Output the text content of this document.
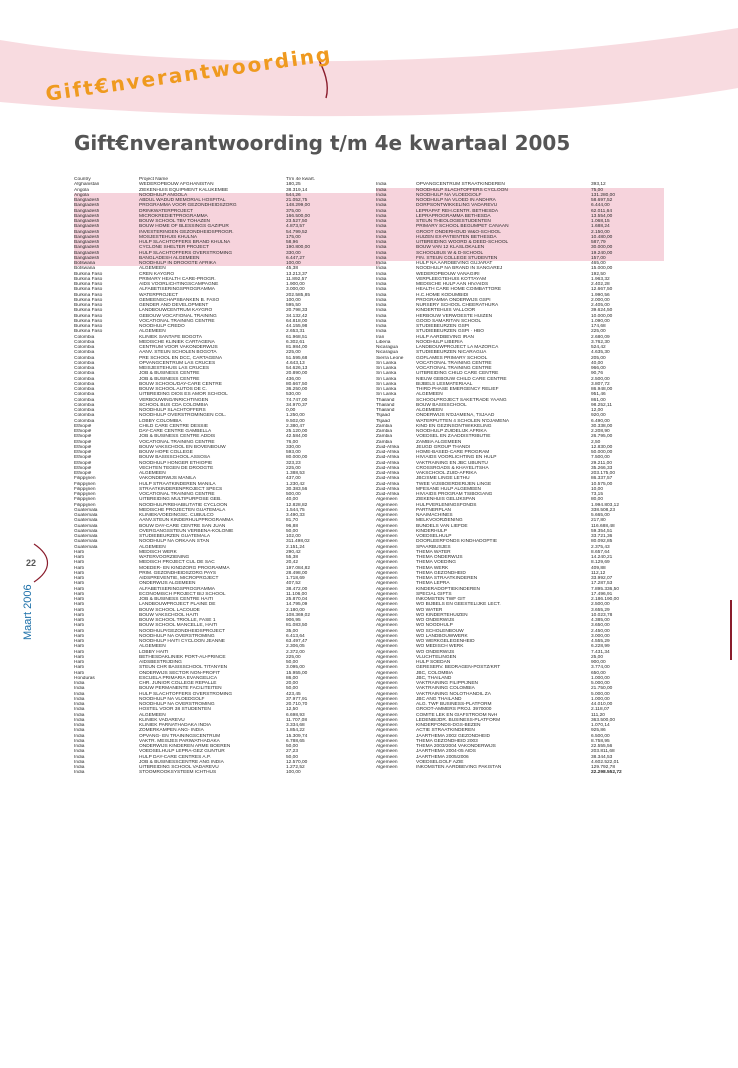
Gift€nverantwoording
Gift€nverantwoording t/m 4e kwartaal 2005
22
Maart 2006
Country	Project Name	T/m 4e kwart.
Afghanistan	WEDEROPBOUW AFGHANISTAN	180,25
Angola	ZIEKENHUIS EQUIPMENT KALUKEMBE	38.319,14
Angola	NOODHULP ANGOLA	544,26
Bangladesh	ABDUL WADUD MEMORIAL HOSPITAL	21.052,75
Bangladesh	PROGRAMMA VOOR GEZONDHEIDSZORG	148.299,00
Bangladesh	DRINKWATERPROJECT	375,00
Bangladesh	MICROKREDIETPROGRAMMA	166.500,00
Bangladesh	BOUW SCHOOL TBV TOHAZEN	23.527,50
Bangladesh	BOUW HOME OF BLESSINGS GAZIPUR	4.873,57
Bangladesh	INVESTERINGEN GEZONDHEIDSPROGR.	54.799,52
Bangladesh	MOSJESTEHUIS KHULNA	175,00
Bangladesh	HULP SLACHTOFFERS BRAND KHULNA	58,96
Bangladesh	CYCLONE SHELTER PROJECT	190.800,00
Bangladesh	HULP SLACHTOFFERS OVERSTROMING	330,00
Bangladesh	BANGLADESH ALGEMEEN	6.447,27
Botswana	NOODHULP IN DROOGTE AFRIKA	100,00
Botswana	ALGEMEEN	45,38
Burkina Faso	CREN KAYGRO	13.213,37
Burkina Faso	PRIMARY HEALTH CARE-PROGR.	11.892,57
Burkina Faso	AIDS VOORLICHTINGSCAMPAGNE	1.900,00
Burkina Faso	ALFABETISERINGSPROGRAMMA	3.000,00
Burkina Faso	WATERPROJECT	202.585,85
Burkina Faso	GEMEENSCHAPSBANKEN B. FASO	100,00
Burkina Faso	GENDER AND DEVELOPMENT	595,50
Burkina Faso	LANDBOUWCENTRUM KAYGRO	20.798,33
Burkina Faso	GEBOUW VOCATIONAL TRAINING	34.132,42
Burkina Faso	VOCATIONAL TRAINING CENTRE	64.818,00
Burkina Faso	NOODHULP CREDO	44.155,98
Burkina Faso	ALGEMEEN	2.653,31
Colombia	KLINIEK SANTAFE BOGOTA	61.968,51
Colombia	MEDISCHE KLINIEK CARTAGENA	6.302,61
Colombia	CENTRUM VOOR VAKONDERWIJS	81.984,00
Colombia	AANV. STEUN SCHOLEN BOGOTA	225,00
Colombia	PRE SCHOOL EN DCC, CARTAGENA	51.595,68
Colombia	OPVANGCENTRUM LAS CRUCES	4.643,13
Colombia	MEISJESTEHUIS LAS CRUCES	54.626,13
Colombia	JOB & BUSINESS CENTRE	20.890,00
Colombia	JOB & BUSINESS CENTRE	436,00
Colombia	BOUW SCHOOL/DAY-CARE CENTRE	80.667,50
Colombia	BOUW SCHOOL AUTOS DE C.	36.250,00
Colombia	UITBREIDING DIOS ES AMOR SCHOOL	530,00
Colombia	VERBOUWING/INRICHTINGEN	74.747,00
Colombia	SCHOOL BUS CDA COLOMBIA	34.970,37
Colombia	NOODHULP SLACHTOFFERS	0,00
Colombia	NOODHULP OVERSTROMINGEN COL.	1.250,00
Colombia	LOBBY COLOMBIA	9.502,00
Ethiopië	CHILD CARE CENTRE DESSIE	2.380,47
Ethiopië	DAY-CARE CENTRE GAMBELLA	25.120,00
Ethiopië	JOB & BUSINESS CENTRE ADDIS	42.584,00
Ethiopië	VOCATIONAL TRAINING CENTRE	76,00
Ethiopië	BOUW VAKSCHOOL EN BOVENBOUW	330,00
Ethiopië	BOUW HOPE COLLEGE	593,00
Ethiopië	BOUW BASISSCHOOL ASSOSA	80.000,00
Ethiopië	NOODHULP HONGER ETHIOPIE	323,23
Ethiopië	VECHTEN TEGEN DE DROOGTE	225,00
Ethiopië	ALGEMEEN	1.388,53
Filippijnen	VAKONDERWIJS MANILA	437,00
Filippijnen	HULP STRAATKINDEREN MANILA	1.230,42
Filippijnen	STRAATKINDERENPROJECT SPECS	30.383,56
Filippijnen	VOCATIONAL TRAINING CENTRE	500,00
Filippijnen	UITBREIDING MULTIPURPOSE GEB.	40,00
Filippijnen	NOODHULP/REHABILITATIE CYCLOON	12.828,82
Guatemala	MEDISCHE PROJECTEN GUATEMALA	1.544,75
Guatemala	KLINIEK/VOEDINGSC. CUBULCO	3.490,33
Guatemala	AANV.STEUN KINDERHULPPROGRAMMA	81,70
Guatemala	BOUW DAY-CARE CENTRE SAN JUAN	96,88
Guatemala	OVERGANGSSTEUN VERBENA-KOLONIE	50,00
Guatemala	STUDIEBEURZEN GUATEMALA	102,00
Guatemala	NOODHULP NA ORKAAN STAN	311.498,02
Guatemala	ALGEMEEN	2.151,24
Haïti	MEDISCH WERK	290,42
Haïti	WATERVOORZIENING	55,38
Haïti	MEDISCH PROJECT CUL DE SAC	20,42
Haïti	MOEDER- EN KINDZORG PROGRAMMA	197.084,82
Haïti	PRIM. GEZONDHEIDSZORG PAYS	28.498,00
Haïti	AIDSPREVENTIE, MICROPROJECT	1.718,69
Haïti	ONDERWIJS ALGEMEEN	407,52
Haïti	ALFABETISERINGSPROGRAMMA	38.472,00
Haïti	ECONOMISCH PROJECT BIJ SCHOOL	11.106,00
Haïti	JOB & BUSINESS CENTRE HAITI	25.870,04
Haïti	LANDBOUWPROJECT PLAINE DE	14.795,09
Haïti	BOUW SCHOOL LACOUDE	2.180,00
Haïti	BOUW VAKSCHOOL HAITI	108.369,02
Haïti	BOUW SCHOOL TRIOLLE, FASE 1	906,95
Haïti	BOUW SCHOOL MANCELLE, HAITI	81.083,50
Haïti	NOODHULP/GEZONDHEIDSPROJECT	35,00
Haïti	NOODHULP NA OVERSTROMING	6.413,64
Haïti	NOODHULP HAITI CYCLOON JEANNE	63.497,47
Haïti	ALGEMEEN	2.306,05
Haïti	LOBBY HAITI	2.372,00
Haïti	BETHESDAKLINIEK PORT-AU-PRINCE	225,00
Haïti	AIDSBESTRIJDING	50,00
Haïti	STEUN CHR BASISSCHOOL TITANYEN	3.095,00
Haïti	ONDERWIJS SECTOR NON-PROFIT	15.955,00
Honduras	ESCUELA PRIMARIA EVANGELICA	86,00
India	CHR. JUNIOR COLLEGE REPALLE	20,00
India	BOUW PERMANENTE FACILITEITEN	50,00
India	HULP SLACHTOFFERS OVERSTROMING	423,45
India	NOODHULP NA VLOEDGOLF	37.977,91
India	NOODHULP NA OVERSTROMING	20.710,70
India	HOSTEL VOOR 38 STUDENTEN	12,50
India	ALGEMEEN	6.698,93
India	KLINIEK VADAREVU	11.707,08
India	KLINIEK PARNATHADAKA INDIA	3.334,68
India	ZOMERKAMPEN ANG- INDIA	1.854,22
India	OPVANG- EN TRAININGSCENTRUM	15.309,74
India	VAKTR. MEISJES PARIWATHADAKA	6.788,65
India	ONDERWIJS KINDEREN ARME BOEREN	50,00
India	VOEDSELHULP LEPRA-GEZ GUNTUR	27,23
India	HULP DAY-CARE CENTRES A.P.	50,00
India	JOB & BUSINESSCENTRE ANG INDIA	12.570,00
India	UITBREIDING SCHOOL VADAREVU	1.272,52
India	STOOMROOKSYSTEEM ICHTHUS	100,00

India	OPVANGCENTRUM STRAATKINDEREN	393,12
India	NOODHULP SLACHTOFFERS CYCLOON	75,00
India	NOODHULP NA VLOEDGOLF	131.280,00
India	NOODHULP NA VLOED IN ANDHRA	58.697,52
India	DORPSONTWIKKELING VADAREVU	6.444,00
India	LEPRAPAT REH.CENTR. BETHESDA	62.011,64
India	LEPRAPROGRAMMA BETHESDA	13.554,00
India	STEUN THEOLOGIESTUDENTEN	1.068,15
India	PRIMARY SCHOOL BEGUMPET CANAAN	1.688,24
India	GROOT ONDERHOUD W&O-SCHOOL	2.150,00
India	HUIZEN EX-PATIENTEN BETHESDA	10.480,00
India	UITBREIDING WOORD & DEED-SCHOOL	587,79
India	BOUW VAN 12 KLASLOKALEN	30.000,00
India	SCHOOLBUS W & D-SCHOOL	19.240,00
India	FIN. STEUN COLLEGE STUDENTEN	157,00
India	HULP NA AARDBEVING GUJARAT	465,00
India	NOODHULP NA BRAND IN SANGAREJ	15.000,00
India	WEDEROPBOUW VANAGIRI	192,50
India	VERPLEEGTEHUIS KOTTAYAM	1.963,32
India	MEDISCHE HULP AAN HIV/AIDS	2.402,28
India	HEALTH CARE HOME COIMBATTORE	12.667,50
India	H.C.HOME KODUMBIDI	1.990,56
India	PROGRAMMA ONDERWIJS GSPI	2.000,00
India	NURSERY SCHOOL CHEERATHURA	2.405,00
India	KINDERTEHUIS VALLOOR	39.624,50
India	HERBOUW VERWOESTE HUIZEN	10.000,00
India	GOOD SAMARITAN SCHOOL	1.090,00
India	STUDIEBEURZEN GSPI	174,68
India	STUDIEBEURZEN GSPI · HBO	225,00
Iran	HULP AARDBEVING IRAN	2.680,09
Liberia	NOODHULP LIBERIA	3.762,30
Nicaragua	LANDBOUWPROJECT LA MAZORCA	524,42
Nicaragua	STUDIEBEURZEN NICARAGUA	4.635,30
Sierra Leone	GOFLAMES PRIMARY SCHOOL	205,00
Sri Lanka	VOCATIONAL TRAINING CENTRE	40,00
Sri Lanka	VOCATIONAL TRAINING CENTRE	966,00
Sri Lanka	UITBREIDING CHILD CARE CENTRE	90,76
Sri Lanka	NIEUW GEBOUW CHILD CARE CENTRE	2.500,00
Sri Lanka	BIJBELS LESMATERIAAL	3.807,72
Sri Lanka	THIRD PHASE EMERGENCY RELIEF	86.948,00
Sri Lanka	ALGEMEEN	951,46
Thailand	SCHOOLPROJECT SAKETRADE YAANG	861,00
Thailand	BOUW BASISSCHOOL	98.252,11
Thailand	ALGEMEEN	12,00
Tsjaad	ONDERWIJS N'DJAMENA, TSJAAD	920,00
Tsjaad	WATERPUTTEN 4 SCHOLEN N'DJAMENA	6.490,00
Zambia	KIND EN GEZINSONTWIKKELING	30.338,00
Zambia	NOODHULP ZUIDELIJK AFRIKA	2.208,90
Zambia	VOEDSEL EN ZAADDISTRIBUTIE	26.795,00
Zambia	ZAMBIA ALGEMEEN	2,50
Zuid-Afrika	JEUGD GROUP THANDI	12.830,00
Zuid-Afrika	HOME-BASED-CARE PROGRAM	50.000,00
Zuid-Afrika	HIV/AIDS VOORLICHTING EN HULP	7.500,00
Zuid-Afrika	VAKTRAINING EN JBC UBUNTU	29.211,00
Zuid-Afrika	CROSSROADS & KHAYELITSHA	35.266,33
Zuid-Afrika	VAKSCHOOL ZUID-AFRIKA	203.175,00
Zuid-Afrika	JBC/SME LINGE LETHU	86.337,57
Zuid-Afrika	TWEE VIJSBOERDERIJEN LINGE	10.575,00
Zuid-Afrika	MFESANE HULP ALGEMEEN	10,00
Zuid-Afrika	HIV/AIDS PROGRAM TSIBOGANG	73,15
Algemeen	ZIEKENHUIS GELIJKSPAN	80,00
Algemeen	HULPVERLENINGSFONDS	1.994.803,12
Algemeen	PARTNERPLAN	338.508,23
Algemeen	NAAIMACHINES	5.665,00
Algemeen	MELKVOORZIENING	217,80
Algemeen	BUNDELS VAN LIEFDE	116.688,48
Algemeen	KINDERHULP	59.354,51
Algemeen	VOEDSELHULP	33.721,36
Algemeen	DOORLEERFONDS KINDHADOPTIE	80.092,85
Algemeen	SPAARBUSJES	2.375,43
Algemeen	THEMA WATER	8.657,64
Algemeen	THEMA ONDERWIJS	14.240,21
Algemeen	THEMA VOEDING	8.129,69
Algemeen	THEMA WERK	409,88
Algemeen	THEMA GEZONDHEID	112,12
Algemeen	THEMA STRAATKINDEREN	33.992,07
Algemeen	THEMA LEPRA	17.287,53
Algemeen	KINDERADOPTIEKINDEREN	7.895.336,50
Algemeen	SPECIAL GIFTS	17.496,91
Algemeen	INKOMSTEN TWF GIT	2.186.190,00
Algemeen	WO BIJBELS EN GEESTELIJKE LECT.	2.500,00
Algemeen	WO WATER	3.655,29
Algemeen	WO KINDERTEHUIZEN	10.023,78
Algemeen	WO ONDERWIJS	4.385,00
Algemeen	WO NOODHULP	3.650,00
Algemeen	WO SCHOLENBOUW	2.450,00
Algemeen	WO LANDBOUWWERK	3.000,00
Algemeen	WO WERKGELEGENHEID	4.555,29
Algemeen	WO MEDISCH WERK	6.228,99
Algemeen	WO ONDERWIJS	7.431,34
Algemeen	VLUCHTELINGEN	25,00
Algemeen	HULP SOEDAN	900,00
Algemeen	GERESERV. BEDRAGEN-POSTZ/KRT	3.774,00
Algemeen	JBC, COLOMBIA	650,00
Algemeen	JBC, THAILAND	1.000,00
Algemeen	VAKTRAINING FILIPPIJNEN	5.000,00
Algemeen	VAKTRAINING COLOMBIA	21.750,00
Algemeen	VAKTRAINING NOLOTHANDIL ZA	5.000,00
Algemeen	JBC ANG THAILAND	1.000,00
Algemeen	ALG. TWF BUSINESS-PLATFORM	44.010,00
Algemeen	GROOT-AMMERS PROJ. 3970000	2.118,07
Algemeen	COMITE LEK EN GIAFSTROOM NvH	111,20
Algemeen	LEDENBIJDR. BUSINESS-PLATFORM	363.500,00
Algemeen	KINDERFONDS-DGS-BEZEN	1.070,14
Algemeen	ACTIE STRAATKINDEREN	925,86
Algemeen	JAARTHEMA 2002 GEZONDHEID	6.500,00
Algemeen	THEMA GEZONDHEID 2003	8.758,95
Algemeen	THEMA 2003/2004 VAKONDERWIJS	22.555,56
Algemeen	JAARTHEMA 2004-05 AIDS	203.811,68
Algemeen	JAARTHEMA 2005/2006	38.344,53
Algemeen	VOEDSELGOLF AZIE	4.602.522,01
Algemeen	INKOMSTEN AARDBEVING PAKISTAN	129.792,78
		22.298.552,72
